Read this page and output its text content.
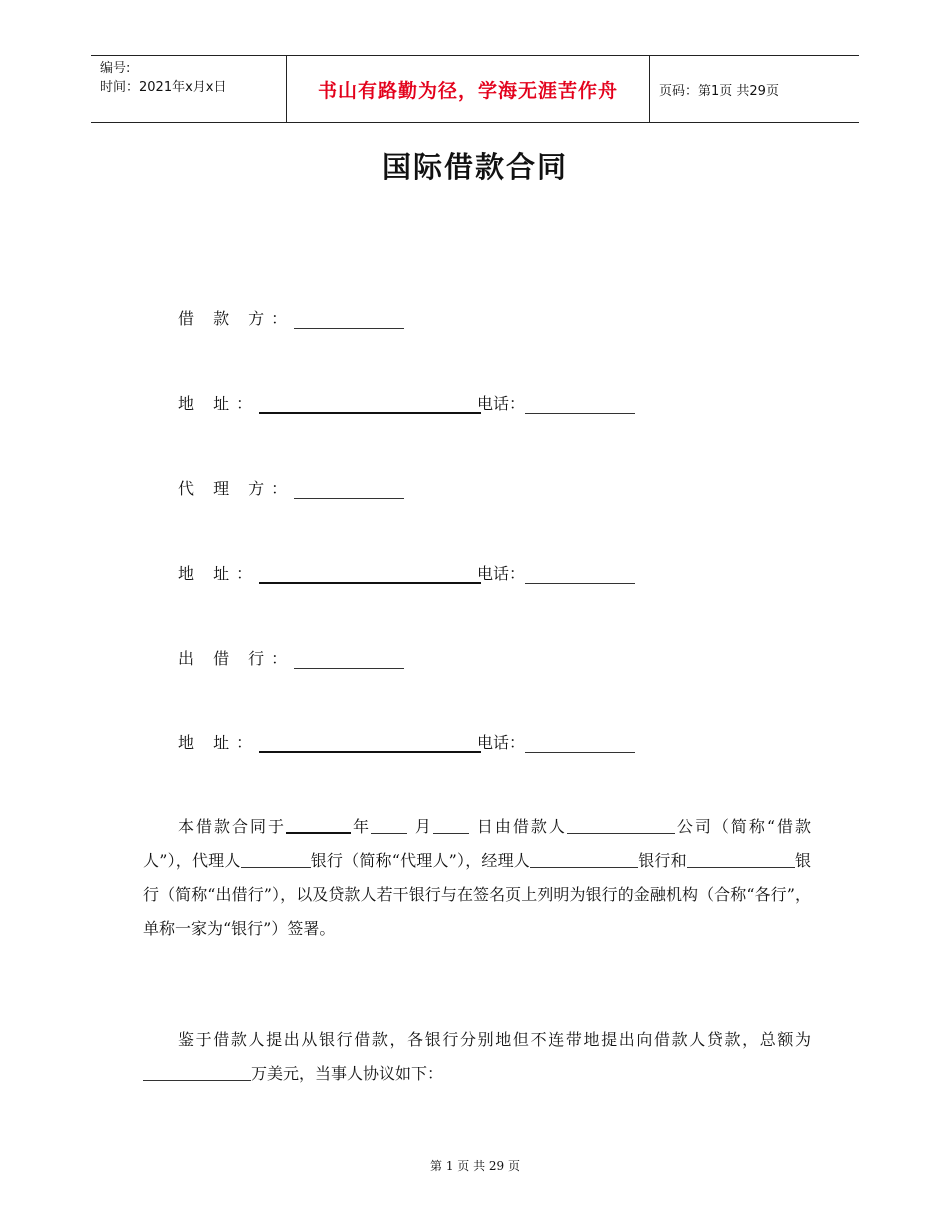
编号:
时间：2021年x月x日	书山有路勤为径，学海无涯苦作舟	页码：第1页 共29页
国际借款合同
借 款 方：
地 址：	电话：
代 理 方：
地 址：	电话：
出 借 行：
地 址：	电话：
本借款合同于	年	月	日由借款人	公司（简称“借款人”），代理人	银行（简称“代理人”），经理人	银行和	银行（简称“出借行”），以及贷款人若干银行与在签名页上列明为银行的金融机构（合称“各行”，单称一家为“银行”）签署。
鉴于借款人提出从银行借款，各银行分别地但不连带地提出向借款人贷款，总额为万美元，当事人协议如下：
第 1 页 共 29 页
